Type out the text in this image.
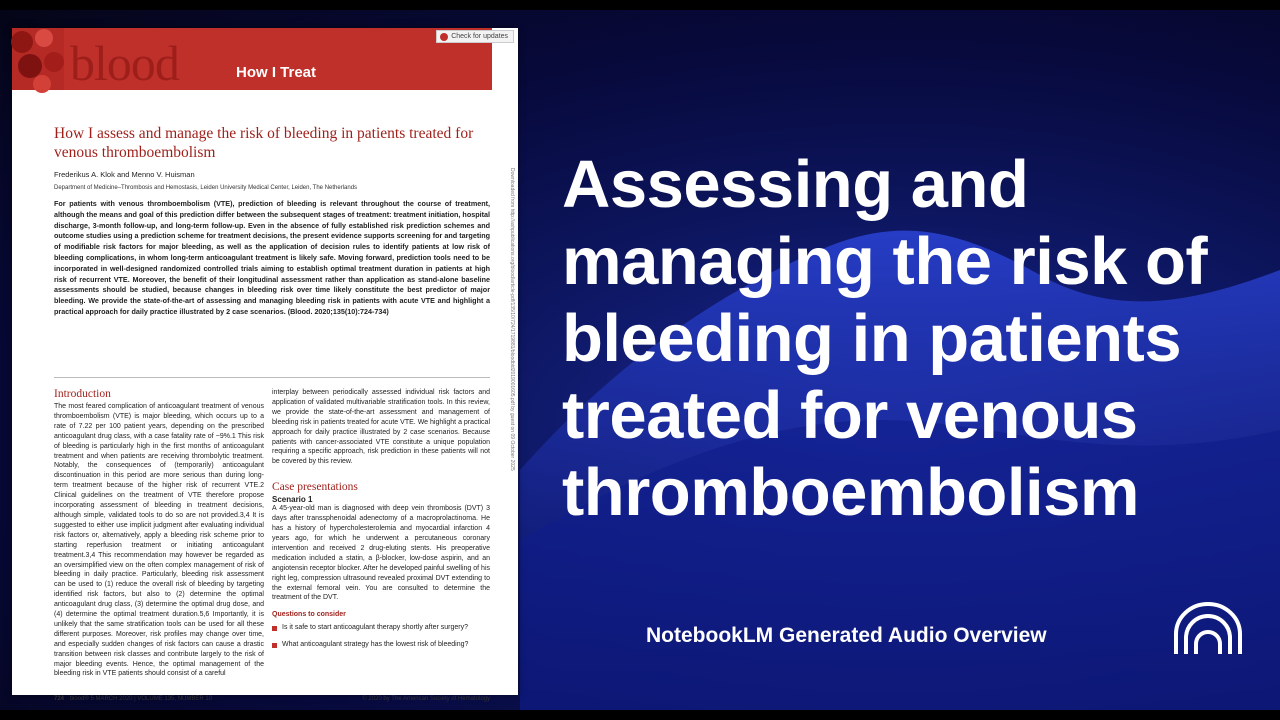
blood	How I Treat
Check for updates
How I assess and manage the risk of bleeding in patients treated for venous thromboembolism
Frederikus A. Klok and Menno V. Huisman
Department of Medicine–Thrombosis and Hemostasis, Leiden University Medical Center, Leiden, The Netherlands
For patients with venous thromboembolism (VTE), prediction of bleeding is relevant throughout the course of treatment, although the means and goal of this prediction differ between the subsequent stages of treatment: treatment initiation, hospital discharge, 3-month follow-up, and long-term follow-up. Even in the absence of fully established risk prediction schemes and outcome studies using a prediction scheme for treatment decisions, the present evidence supports screening for and targeting of modifiable risk factors for major bleeding, as well as the application of decision rules to identify patients at low risk of bleeding complications, in whom long-term anticoagulant treatment is likely safe. Moving forward, prediction tools need to be incorporated in well-designed randomized controlled trials aiming to establish optimal treatment duration in patients at high risk of recurrent VTE. Moreover, the benefit of their longitudinal assessment rather than application as stand-alone baseline assessments should be studied, because changes in bleeding risk over time likely constitute the best predictor of major bleeding. We provide the state-of-the-art of assessing and managing bleeding risk in patients with acute VTE and highlight a practical approach for daily practice illustrated by 2 case scenarios. (Blood. 2020;135(10):724-734)	Downloaded from http://ashpublications.org/blood/article-pdf/135/10/724/1719881/bloodbld2019001605.pdf by guest on 09 October 2025

Introduction

The most feared complication of anticoagulant treatment of venous thromboembolism (VTE) is major bleeding, which occurs up to a rate of 7.22 per 100 patient years, depending on the prescribed anticoagulant drug class, with a case fatality rate of ~9%.1 This risk of bleeding is particularly high in the first months of anticoagulant treatment and when patients are receiving thrombolytic treatment. Notably, the consequences of (temporarily) anticoagulant discontinuation in this period are more serious than during long-term treatment because of the higher risk of recurrent VTE.2 Clinical guidelines on the treatment of VTE therefore propose incorporating assessment of bleeding in treatment decisions, although simple, validated tools to do so are not provided.3,4 It is suggested to either use implicit judgment after evaluating individual risk factors or, alternatively, apply a bleeding risk scheme prior to starting reperfusion treatment or initiating anticoagulant treatment.3,4 This recommendation may however be regarded as an oversimplified view on the often complex management of risk of bleeding in daily practice. Particularly, bleeding risk assessment can be used to (1) reduce the overall risk of bleeding by targeting identified risk factors, but also to (2) determine the optimal anticoagulant drug class, (3) determine the optimal drug dose, and (4) determine the optimal treatment duration.5,6 Importantly, it is unlikely that the same stratification tools can be used for all these different purposes. Moreover, risk profiles may change over time, and especially sudden changes of risk factors can cause a drastic transition between risk classes and contribute largely to the risk of major bleeding events. Hence, the optimal management of the bleeding risk in VTE patients should consist of a careful

interplay between periodically assessed individual risk factors and application of validated multivariable stratification tools. In this review, we provide the state-of-the-art assessment and management of bleeding risk in patients treated for acute VTE. We highlight a practical approach for daily practice illustrated by 2 case scenarios. Because patients with cancer-associated VTE constitute a unique population requiring a specific approach, risk prediction in these patients will not be covered by this review.

Case presentations

Scenario 1

A 45-year-old man is diagnosed with deep vein thrombosis (DVT) 3 days after transsphenoidal adenectomy of a macroprolactinoma. He has a history of hypercholesterolemia and myocardial infarction 4 years ago, for which he underwent a percutaneous coronary intervention and received 2 drug-eluting stents. His preoperative medication included a statin, a β-blocker, low-dose aspirin, and an angiotensin receptor blocker. After he developed painful swelling of his right leg, compression ultrasound revealed proximal DVT extending to the external femoral vein. You are consulted to determine the treatment of the DVT.

Questions to consider

Is it safe to start anticoagulant therapy shortly after surgery?

What anticoagulant strategy has the lowest risk of bleeding?

724 blood® 5 MARCH 2020 | VOLUME 135, NUMBER 10	© 2020 by The American Society of Hematology
Assessing and managing the risk of bleeding in patients treated for venous thromboembolism
NotebookLM Generated Audio Overview
